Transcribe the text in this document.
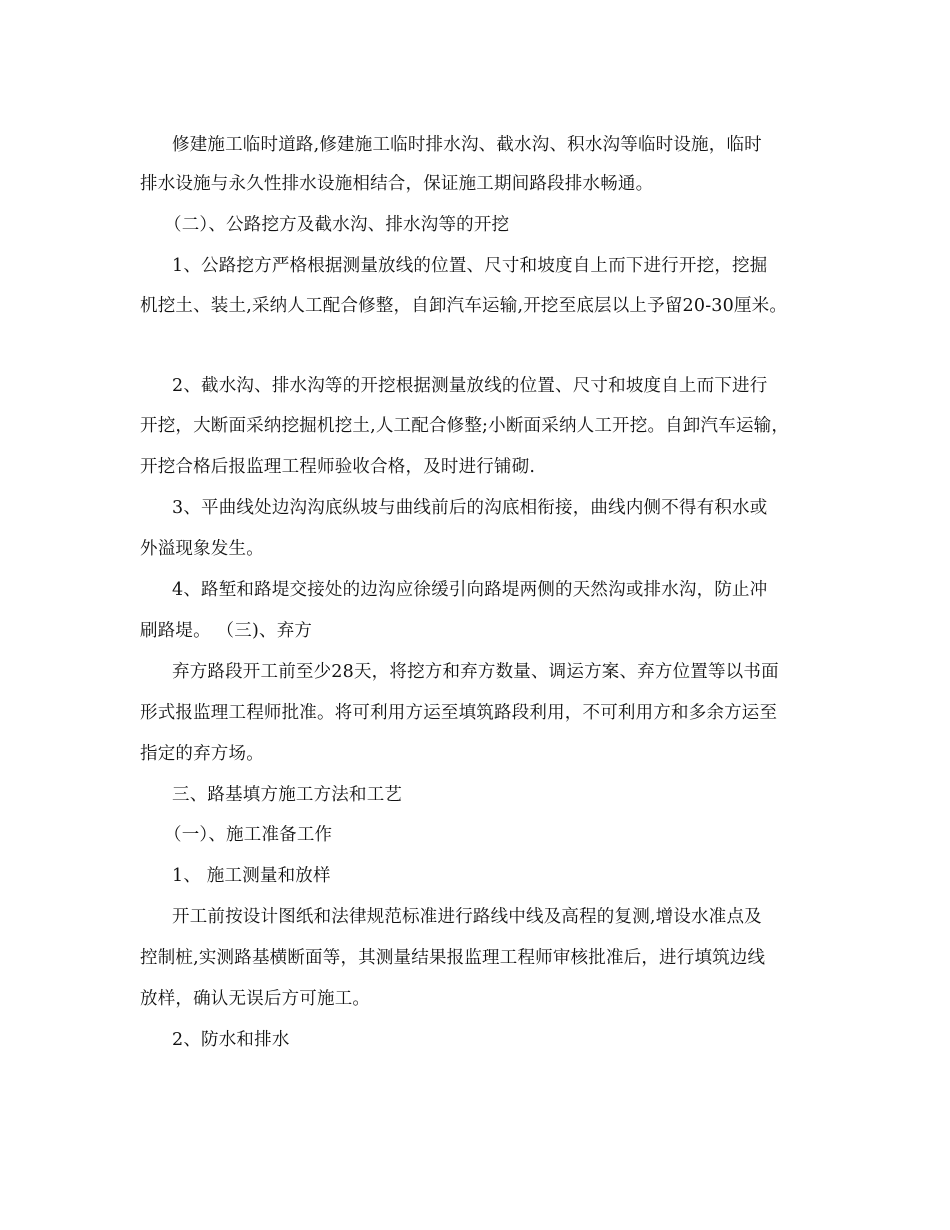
修建施工临时道路,修建施工临时排水沟、截水沟、积水沟等临时设施，临时
排水设施与永久性排水设施相结合，保证施工期间路段排水畅通。
（二）、公路挖方及截水沟、排水沟等的开挖
1、公路挖方严格根据测量放线的位置、尺寸和坡度自上而下进行开挖，挖掘
机挖土、装土,采纳人工配合修整，自卸汽车运输,开挖至底层以上予留20-30厘米。
2、截水沟、排水沟等的开挖根据测量放线的位置、尺寸和坡度自上而下进行
开挖，大断面采纳挖掘机挖土,人工配合修整;小断面采纳人工开挖。自卸汽车运输，
开挖合格后报监理工程师验收合格，及时进行铺砌.
3、平曲线处边沟沟底纵坡与曲线前后的沟底相衔接，曲线内侧不得有积水或
外溢现象发生。
4、路堑和路堤交接处的边沟应徐缓引向路堤两侧的天然沟或排水沟，防止冲
刷路堤。 （三)、弃方
弃方路段开工前至少28天，将挖方和弃方数量、调运方案、弃方位置等以书面
形式报监理工程师批准。将可利用方运至填筑路段利用，不可利用方和多余方运至
指定的弃方场。
三、路基填方施工方法和工艺
（一）、施工准备工作
1、 施工测量和放样
开工前按设计图纸和法律规范标准进行路线中线及高程的复测,增设水准点及
控制桩,实测路基横断面等，其测量结果报监理工程师审核批准后，进行填筑边线
放样，确认无误后方可施工。
2、防水和排水
